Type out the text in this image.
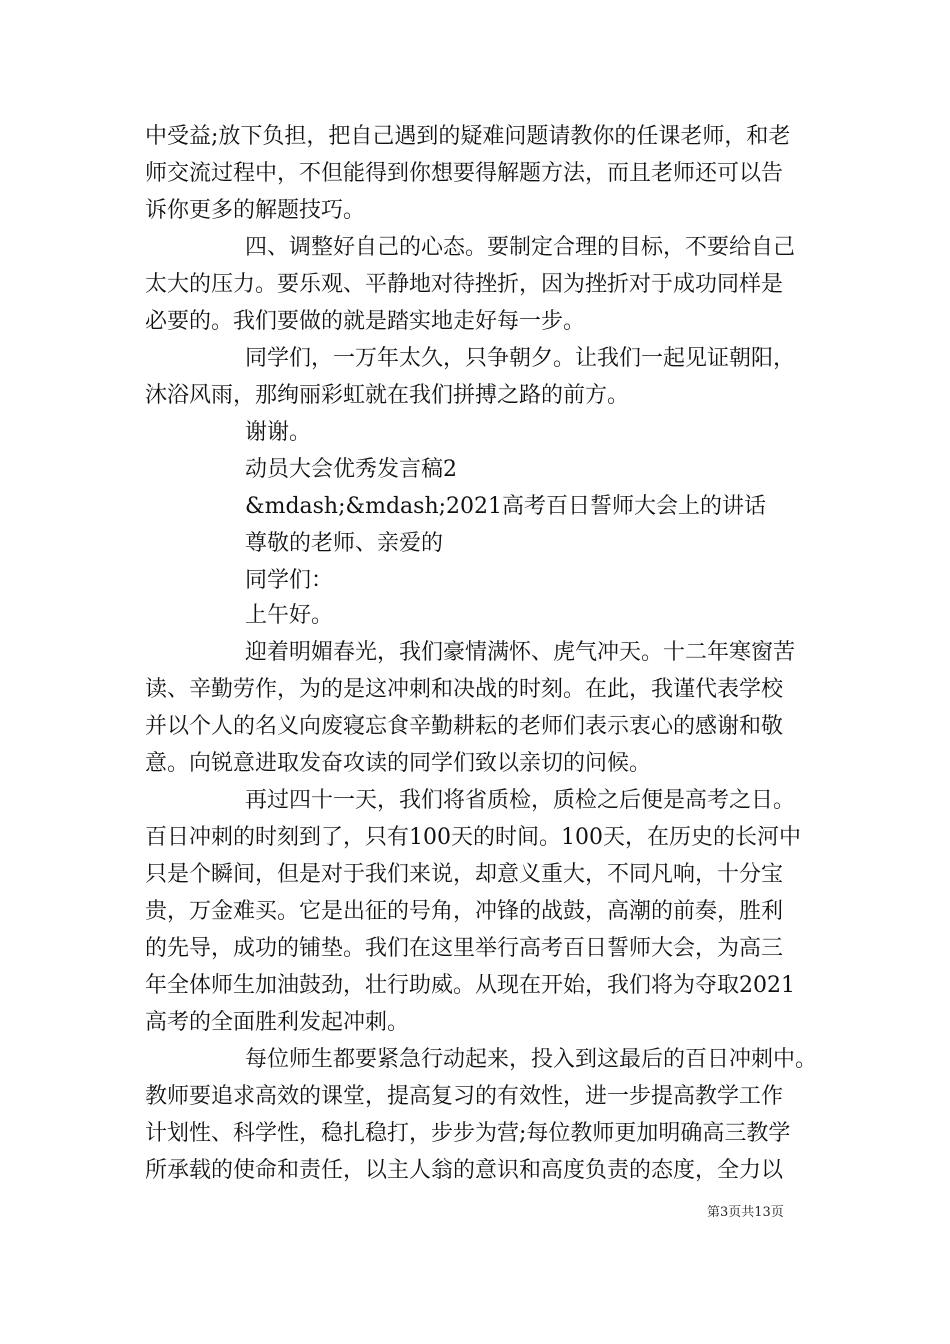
中受益;放下负担，把自己遇到的疑难问题请教你的任课老师，和老
师交流过程中，不但能得到你想要得解题方法，而且老师还可以告
诉你更多的解题技巧。
四、调整好自己的心态。要制定合理的目标，不要给自己
太大的压力。要乐观、平静地对待挫折，因为挫折对于成功同样是
必要的。我们要做的就是踏实地走好每一步。
同学们，一万年太久，只争朝夕。让我们一起见证朝阳，
沐浴风雨，那绚丽彩虹就在我们拼搏之路的前方。
谢谢。
动员大会优秀发言稿2
&mdash;&mdash;2021高考百日誓师大会上的讲话
尊敬的老师、亲爱的
同学们：
上午好。
迎着明媚春光，我们豪情满怀、虎气冲天。十二年寒窗苦
读、辛勤劳作，为的是这冲刺和决战的时刻。在此，我谨代表学校
并以个人的名义向废寝忘食辛勤耕耘的老师们表示衷心的感谢和敬
意。向锐意进取发奋攻读的同学们致以亲切的问候。
再过四十一天，我们将省质检，质检之后便是高考之日。
百日冲刺的时刻到了，只有100天的时间。100天，在历史的长河中
只是个瞬间，但是对于我们来说，却意义重大，不同凡响，十分宝
贵，万金难买。它是出征的号角，冲锋的战鼓，高潮的前奏，胜利
的先导，成功的铺垫。我们在这里举行高考百日誓师大会，为高三
年全体师生加油鼓劲，壮行助威。从现在开始，我们将为夺取2021
高考的全面胜利发起冲刺。
每位师生都要紧急行动起来，投入到这最后的百日冲刺中。
教师要追求高效的课堂，提高复习的有效性，进一步提高教学工作
计划性、科学性，稳扎稳打，步步为营;每位教师更加明确高三教学
所承载的使命和责任，以主人翁的意识和高度负责的态度，全力以
第3页共13页
